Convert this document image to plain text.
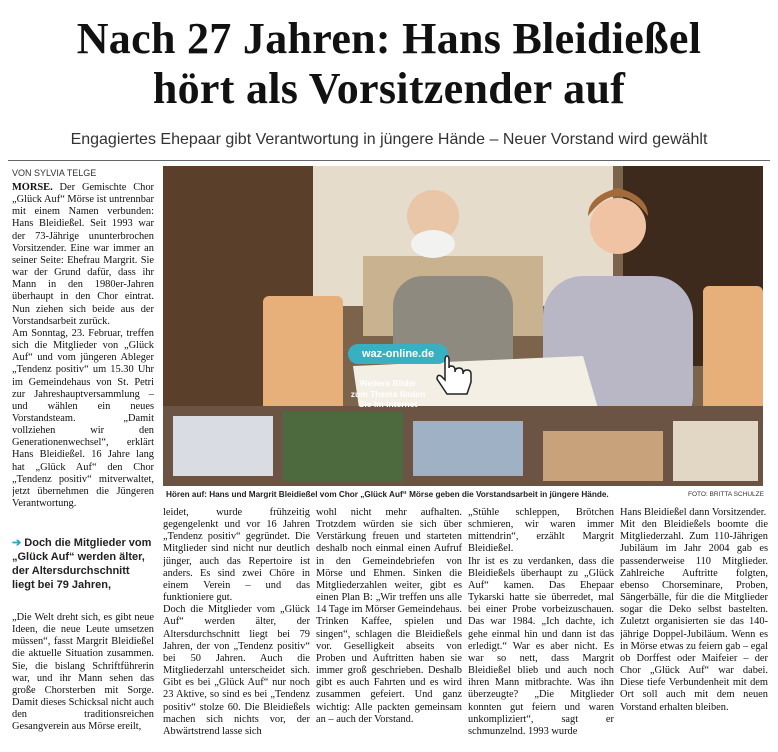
Nach 27 Jahren: Hans Bleidießel
hört als Vorsitzender auf
Engagiertes Ehepaar gibt Verantwortung in jüngere Hände – Neuer Vorstand wird gewählt
VON SYLVIA TELGE
MÖRSE. Der Gemischte Chor „Glück Auf“ Mörse ist untrennbar mit einem Namen verbunden: Hans Bleidießel. Seit 1993 war der 73-Jährige ununterbrochen Vorsitzender. Eine war immer an seiner Seite: Ehefrau Margrit. Sie war der Grund dafür, dass ihr Mann in den 1980er-Jahren überhaupt in den Chor eintrat. Nun ziehen sich beide aus der Vorstandsarbeit zurück.
Am Sonntag, 23. Februar, treffen sich die Mitglieder von „Glück Auf“ und vom jüngeren Ableger „Tendenz positiv“ um 15.30 Uhr im Gemeindehaus von St. Petri zur Jahreshauptversammlung – und wählen ein neues Vorstandsteam. „Damit vollziehen wir den Generationenwechsel“, erklärt Hans Bleidießel. 16 Jahre lang hat „Glück Auf“ den Chor „Tendenz positiv“ mitverwaltet, jetzt übernehmen die Jüngeren Verantwortung.
➔ Doch die Mitglieder vom
„Glück Auf“ werden älter,
der Altersdurchschnitt
liegt bei 79 Jahren,
„Die Welt dreht sich, es gibt neue Ideen, die neue Leute umsetzen müssen“, fasst Margrit Bleidießel die aktuelle Situation zusammen. Sie, die bislang Schriftführerin war, und ihr Mann sehen das große Chorsterben mit Sorge. Damit dieses Schicksal nicht auch den traditionsreichen Gesangverein aus Mörse ereilt,
waz-online.de
Weitere Bilder
zum Thema finden
Sie im Internet
Hören auf: Hans und Margrit Bleidießel vom Chor „Glück Auf“ Mörse geben die Vorstandsarbeit in jüngere Hände.	FOTO: BRITTA SCHULZE
leidet, wurde frühzeitig gegengelenkt und vor 16 Jahren „Tendenz positiv“ gegründet. Die Mitglieder sind nicht nur deutlich jünger, auch das Repertoire ist anders. Es sind zwei Chöre in einem Verein – und das funktioniere gut.
Doch die Mitglieder vom „Glück Auf“ werden älter, der Altersdurchschnitt liegt bei 79 Jahren, der von „Tendenz positiv“ bei 50 Jahren. Auch die Mitgliederzahl unterscheidet sich. Gibt es bei „Glück Auf“ nur noch 23 Aktive, so sind es bei „Tendenz positiv“ stolze 60. Die Bleidießels machen sich nichts vor, der Abwärtstrend lasse sich
wohl nicht mehr aufhalten. Trotzdem würden sie sich über Verstärkung freuen und starteten deshalb noch einmal einen Aufruf in den Gemeindebriefen von Mörse und Ehmen. Sinken die Mitgliederzahlen weiter, gibt es einen Plan B: „Wir treffen uns alle 14 Tage im Mörser Gemeindehaus. Trinken Kaffee, spielen und singen“, schlagen die Bleidießels vor. Geselligkeit abseits von Proben und Auftritten haben sie immer groß geschrieben. Deshalb gibt es auch Fahrten und es wird zusammen gefeiert. Und ganz wichtig: Alle packten gemeinsam an – auch der Vorstand.
„Stühle schleppen, Brötchen schmieren, wir waren immer mittendrin“, erzählt Margrit Bleidießel.
Ihr ist es zu verdanken, dass die Bleidießels überhaupt zu „Glück Auf“ kamen. Das Ehepaar Tykarski hatte sie überredet, mal bei einer Probe vorbeizuschauen. Das war 1984. „Ich dachte, ich gehe einmal hin und dann ist das erledigt.“ War es aber nicht. Es war so nett, dass Margrit Bleidießel blieb und auch noch ihren Mann mitbrachte. Was ihn überzeugte? „Die Mitglieder konnten gut feiern und waren unkompliziert“, sagt er schmunzelnd. 1993 wurde
Hans Bleidießel dann Vorsitzender.
Mit den Bleidießels boomte die Mitgliederzahl. Zum 110-Jährigen Jubiläum im Jahr 2004 gab es passenderweise 110 Mitglieder. Zahlreiche Auftritte folgten, ebenso Chorseminare, Proben, Sängerbälle, für die die Mitglieder sogar die Deko selbst bastelten. Zuletzt organisierten sie das 140-jährige Doppel-Jubiläum. Wenn es in Mörse etwas zu feiern gab – egal ob Dorffest oder Maifeier – der Chor „Glück Auf“ war dabei. Diese tiefe Verbundenheit mit dem Ort soll auch mit dem neuen Vorstand erhalten bleiben.
